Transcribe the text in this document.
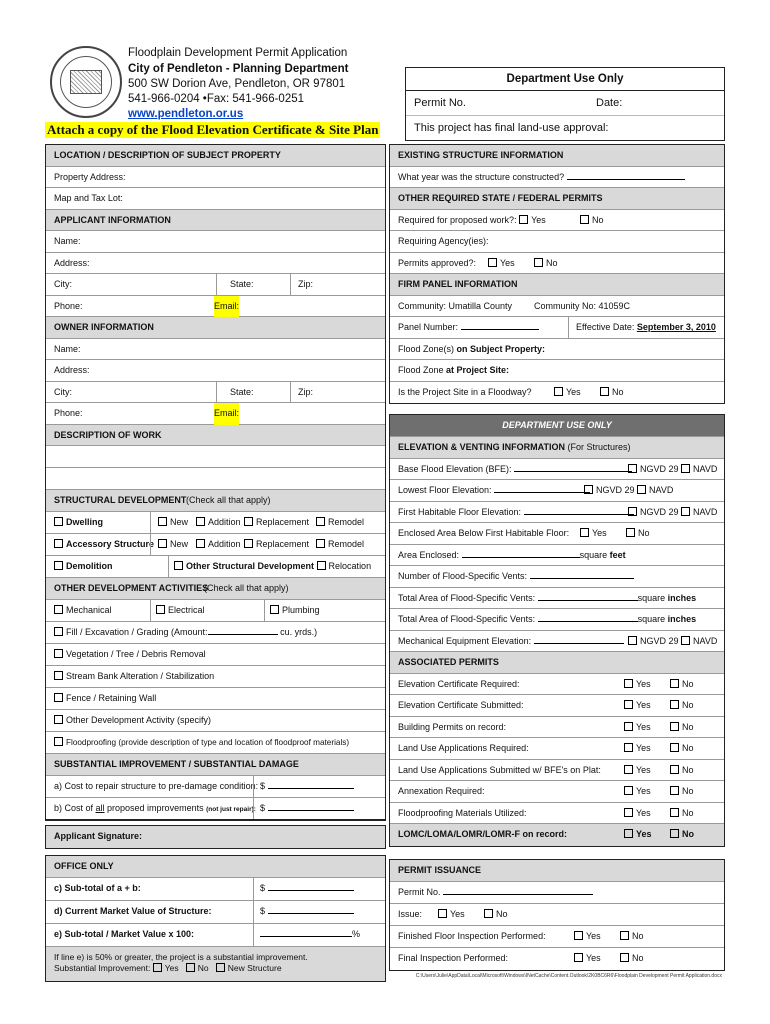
Floodplain Development Permit Application
City of Pendleton - Planning Department
500 SW Dorion Ave, Pendleton, OR 97801
541-966-0204 •Fax: 541-966-0251
www.pendleton.or.us
Attach a copy of the Flood Elevation Certificate & Site Plan
Department Use Only
Permit No.	Date:
This project has final land-use approval:
LOCATION / DESCRIPTION OF SUBJECT PROPERTY
Property Address:
Map and Tax Lot:
APPLICANT INFORMATION
Name:
Address:
City:	State:	Zip:
Phone:	Email:
OWNER INFORMATION
Name:
Address:
City:	State:	Zip:
Phone:	Email:
DESCRIPTION OF WORK
STRUCTURAL DEVELOPMENT (Check all that apply)
Dwelling	New	Addition	Replacement	Remodel
Accessory Structure	New	Addition	Replacement	Remodel
Demolition	Other Structural Development Relocation
OTHER DEVELOPMENT ACTIVITIES
(Check all that apply)
Mechanical	Electrical	Plumbing
Fill / Excavation / Grading (Amount:	cu. yrds.)
Vegetation / Tree / Debris Removal
Stream Bank Alteration / Stabilization
Fence / Retaining Wall
Other Development Activity (specify)
Floodproofing (provide description of type and location of floodproof materials)
SUBSTANTIAL IMPROVEMENT / SUBSTANTIAL DAMAGE
a) Cost to repair structure to pre-damage condition: $
b) Cost of all proposed improvements (not just repair): $
Applicant Signature:
OFFICE ONLY
c) Sub-total of a + b:	$
d) Current Market Value of Structure:	$
e) Sub-total / Market Value x 100:	%
If line e) is 50% or greater, the project is a substantial improvement.
Substantial Improvement: Yes No New Structure
EXISTING STRUCTURE INFORMATION
What year was the structure constructed?
OTHER REQUIRED STATE / FEDERAL PERMITS
Required for proposed work?: Yes	No
Requiring Agency(ies):
Permits approved?:	Yes	No
FIRM PANEL INFORMATION
Community: Umatilla County Community No: 41059C
Panel Number:	Effective Date: September 3, 2010
Flood Zone(s) on Subject Property:
Flood Zone at Project Site:
Is the Project Site in a Floodway?	Yes	No
DEPARTMENT USE ONLY
ELEVATION & VENTING INFORMATION (For Structures)
Base Flood Elevation (BFE):	NGVD 29 NAVD
Lowest Floor Elevation:	NGVD 29 NAVD
First Habitable Floor Elevation:	NGVD 29 NAVD
Enclosed Area Below First Habitable Floor:	Yes	No
Area Enclosed:	square feet
Number of Flood-Specific Vents:
Total Area of Flood-Specific Vents:	square inches
Total Area of Flood-Specific Vents:	square inches
Mechanical Equipment Elevation:	NGVD 29 NAVD
ASSOCIATED PERMITS
Elevation Certificate Required:	Yes	No
Elevation Certificate Submitted:	Yes	No
Building Permits on record:	Yes	No
Land Use Applications Required:	Yes	No
Land Use Applications Submitted w/ BFE's on Plat:	Yes	No
Annexation Required:	Yes	No
Floodproofing Materials Utilized:	Yes	No
LOMC/LOMA/LOMR/LOMR-F on record:	Yes	No
PERMIT ISSUANCE
Permit No.
Issue:	Yes	No
Finished Floor Inspection Performed:	Yes	No
Final Inspection Performed:	Yes	No
C:\Users\Julie\AppData\Local\Microsoft\Windows\INetCache\Content.Outlook\2K0BC6R6\Floodplain Development Permit Application.docx
